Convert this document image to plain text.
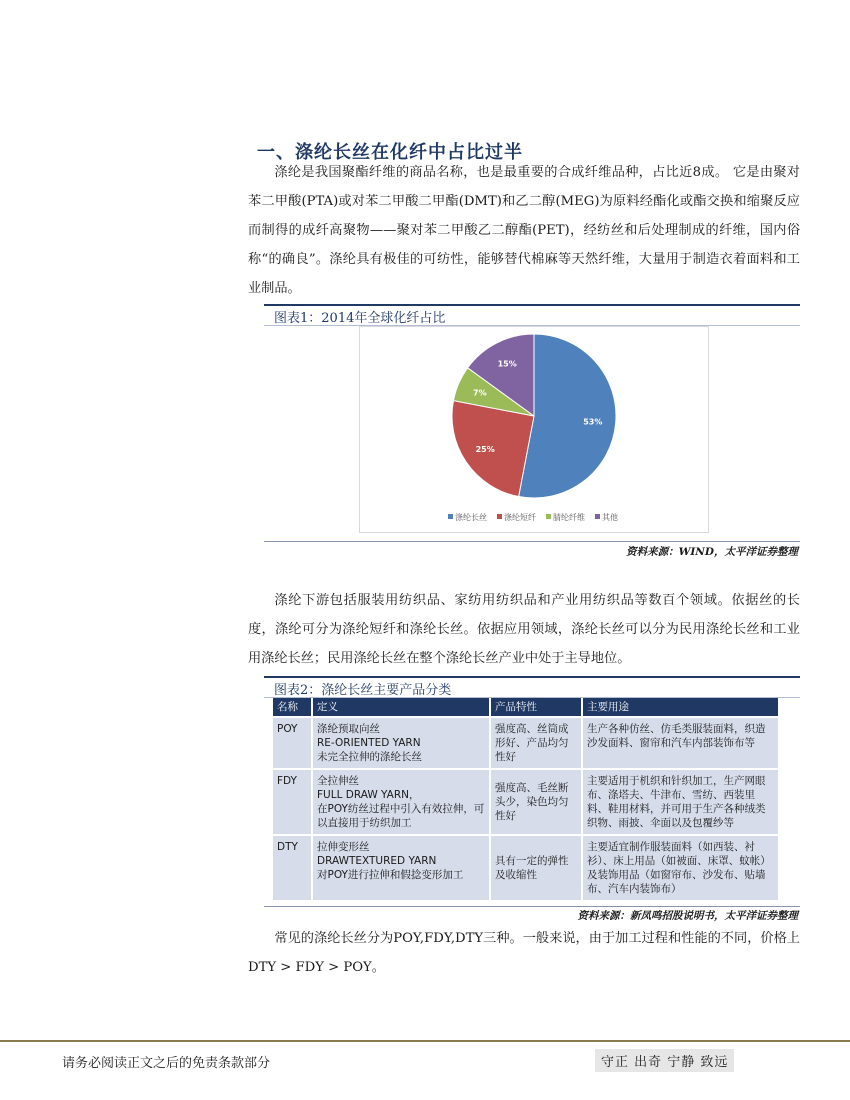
一、涤纶长丝在化纤中占比过半

涤纶是我国聚酯纤维的商品名称，也是最重要的合成纤维品种，占比近8成。 它是由聚对苯二甲酸(PTA)或对苯二甲酸二甲酯(DMT)和乙二醇(MEG)为原料经酯化或酯交换和缩聚反应而制得的成纤高聚物——聚对苯二甲酸乙二醇酯(PET)，经纺丝和后处理制成的纤维，国内俗称“的确良”。涤纶具有极佳的可纺性，能够替代棉麻等天然纤维，大量用于制造衣着面料和工业制品。

图表1：2014年全球化纤占比
53%
25%
7%
15%
涤纶长丝 涤纶短纤 腈纶纤维 其他
资料来源：WIND，太平洋证券整理

涤纶下游包括服装用纺织品、家纺用纺织品和产业用纺织品等数百个领域。依据丝的长度，涤纶可分为涤纶短纤和涤纶长丝。依据应用领域，涤纶长丝可以分为民用涤纶长丝和工业用涤纶长丝；民用涤纶长丝在整个涤纶长丝产业中处于主导地位。

图表2：涤纶长丝主要产品分类
名称	定义	产品特性	主要用途
POY	涤纶预取向丝
RE-ORIENTED YARN
未完全拉伸的涤纶长丝	强度高、丝筒成形好、产品均匀性好	生产各种仿丝、仿毛类服装面料，织造沙发面料、窗帘和汽车内部装饰布等
FDY	全拉伸丝
FULL DRAW YARN，
在POY纺丝过程中引入有效拉伸，可以直接用于纺织加工	强度高、毛丝断头少，染色均匀性好	主要适用于机织和针织加工，生产网眼布、涤塔夫、牛津布、雪纺、西装里料、鞋用材料，并可用于生产各种绒类织物、雨披、伞面以及包覆纱等
DTY	拉伸变形丝
DRAWTEXTURED YARN
对POY进行拉伸和假捻变形加工	具有一定的弹性及收缩性	主要适宜制作服装面料（如西装、衬衫）、床上用品（如被面、床罩、蚊帐）及装饰用品（如窗帘布、沙发布、贴墙布、汽车内装饰布）
资料来源：新凤鸣招股说明书，太平洋证券整理

常见的涤纶长丝分为POY,FDY,DTY三种。一般来说，由于加工过程和性能的不同，价格上DTY > FDY > POY。

请务必阅读正文之后的免责条款部分	守正 出奇 宁静 致远
